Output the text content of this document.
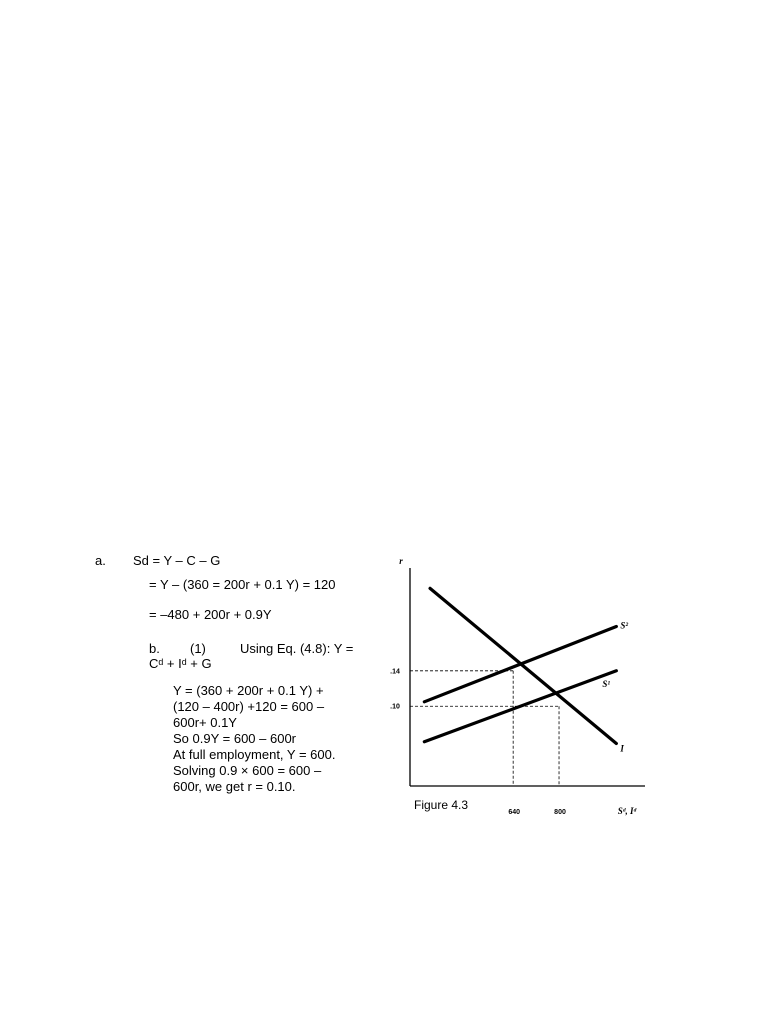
a. Sd = Y – C – G
= Y – (360 = 200r + 0.1 Y) = 120
= –480 + 200r + 0.9Y
b. (1)	Using Eq. (4.8): Y =
Cᵈ + Iᵈ + G
Y = (360 + 200r + 0.1 Y) +
(120 – 400r) +120 = 600 –
600r+ 0.1Y
So 0.9Y = 600 – 600r
At full employment, Y = 600.
Solving 0.9 × 600 = 600 –
600r, we get r = 0.10.
r
Sᵈ, Iᵈ
.14
.10
640	800
I
S²
S¹
Figure 4.3
